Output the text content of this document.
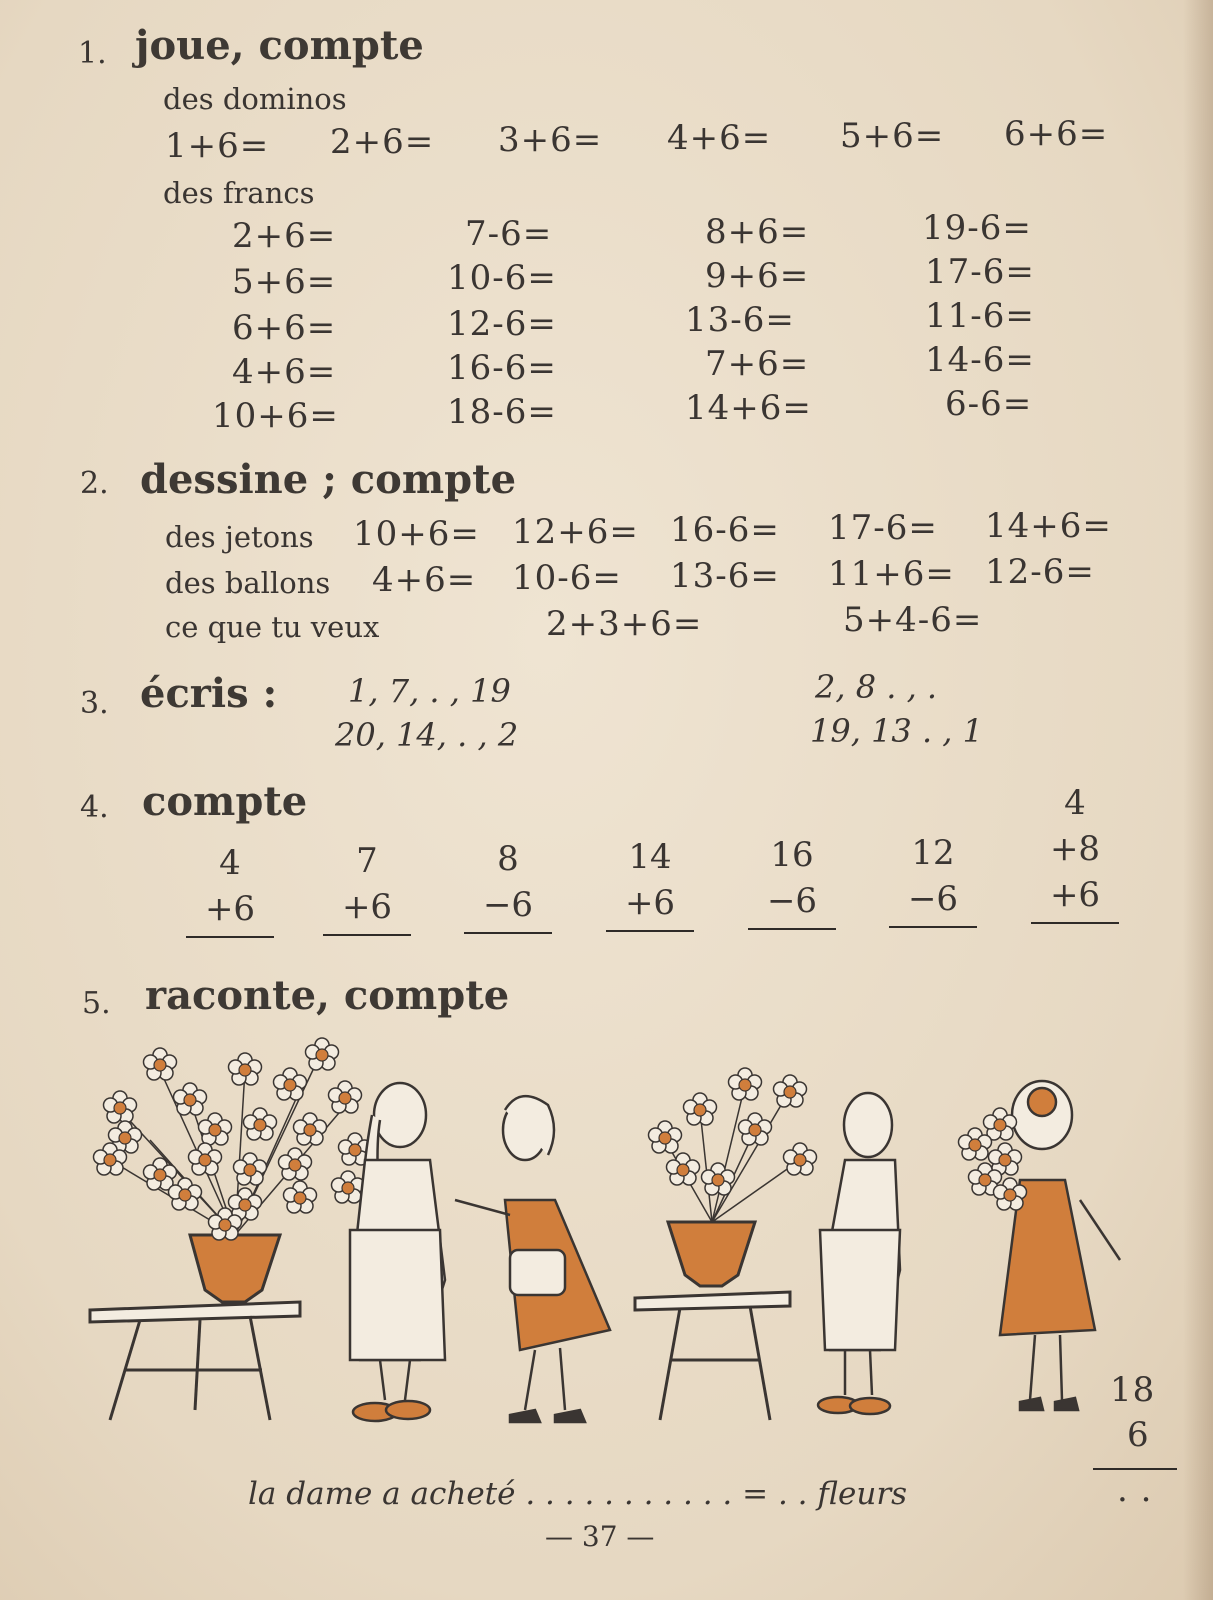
1. joue, compte
des dominos
1+6= 2+6= 3+6= 4+6= 5+6= 6+6=
des francs
2+6=
5+6=
6+6=
4+6=
10+6=
7-6=
10-6=
12-6=
16-6=
18-6=
8+6=
9+6=
13-6=
7+6=
14+6=
19-6=
17-6=
11-6=
14-6=
6-6=
2. dessine ; compte
des jetons 10+6= 12+6= 16-6= 17-6= 14+6=
des ballons 4+6= 10-6= 13-6= 11+6= 12-6=
ce que tu veux	2+3+6=	5+4-6=
3. écris : 1, 7, . , 19
20, 14, . , 2
2, 8 . , .
19, 13 . , 1
4. compte
4
+6
7
+6
8
−6
14
+6
16
−6
12
−6
4
+8
+6
5. raconte, compte
18
6
. .
la dame a acheté . . . . . . . . . . . = . . fleurs
— 37 —
